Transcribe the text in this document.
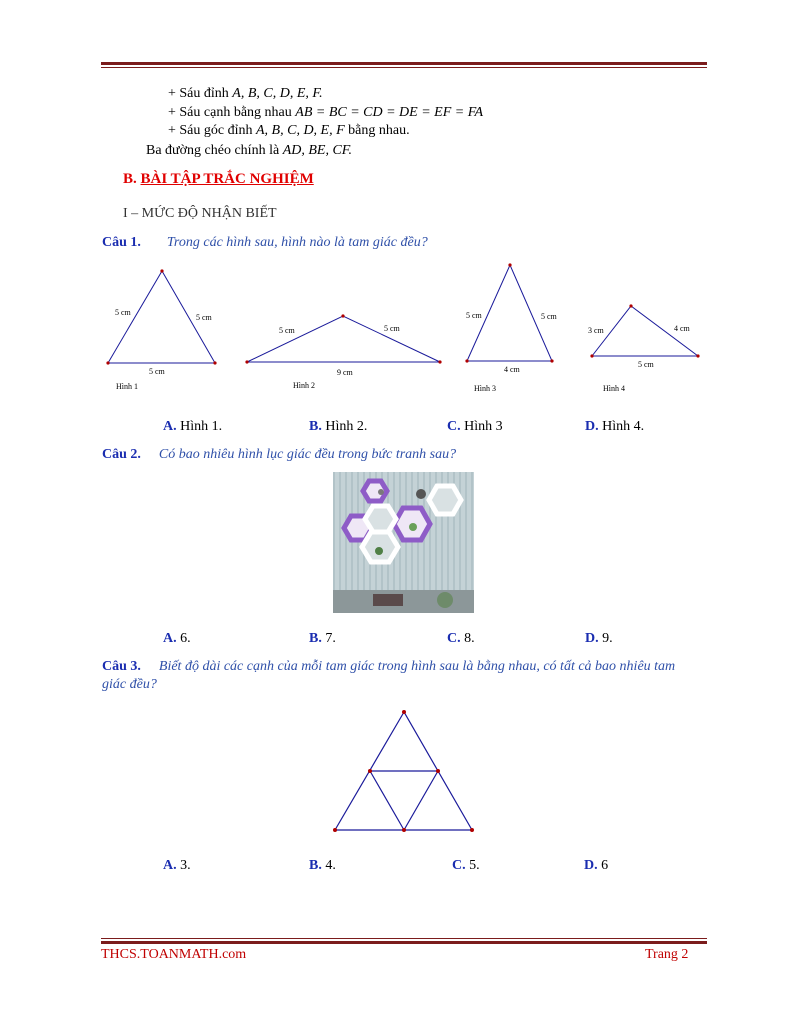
+ Sáu đỉnh A, B, C, D, E, F.
+ Sáu cạnh bằng nhau AB = BC = CD = DE = EF = FA
+ Sáu góc đỉnh A, B, C, D, E, F bằng nhau.
Ba đường chéo chính là AD, BE, CF.
B. BÀI TẬP TRẮC NGHIỆM
I – MỨC ĐỘ NHẬN BIẾT
Câu 1. Trong các hình sau, hình nào là tam giác đều?
5 cm
5 cm
5 cm
Hình 1
5 cm	5 cm
9 cm
Hình 2
5 cm	5 cm
4 cm
Hình 3
3 cm	4 cm
5 cm
Hình 4
A. Hình 1.	B. Hình 2.	C. Hình 3	D. Hình 4.
Câu 2. Có bao nhiêu hình lục giác đều trong bức tranh sau?
A. 6.	B. 7.	C. 8.	D. 9.
Câu 3. Biết độ dài các cạnh của mỗi tam giác trong hình sau là bằng nhau, có tất cả bao nhiêu tam
giác đều?
A. 3.	B. 4.	C. 5.	D. 6
THCS.TOANMATH.com	Trang 2
